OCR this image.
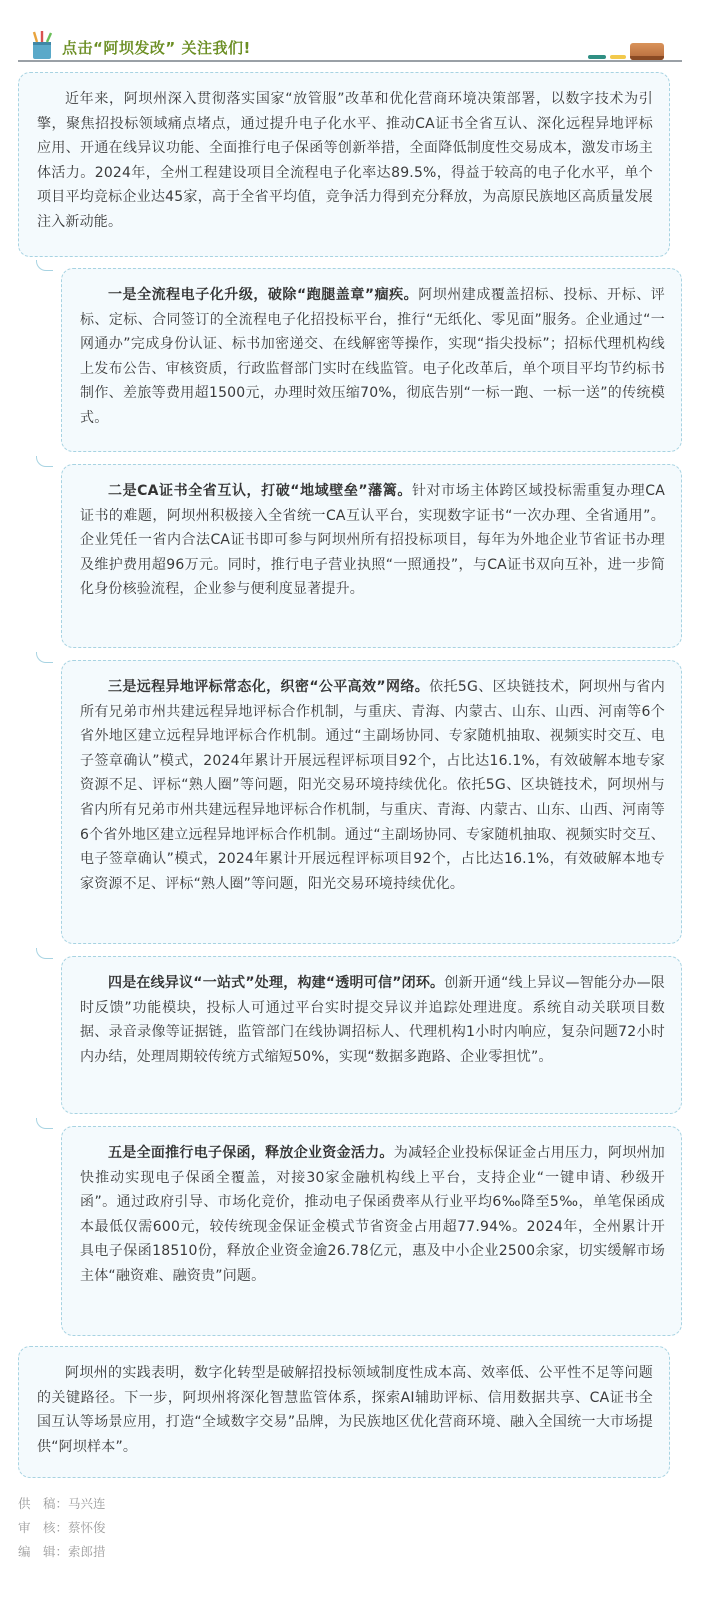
点击“阿坝发改” 关注我们!

近年来，阿坝州深入贯彻落实国家“放管服”改革和优化营商环境决策部署，以数字技术为引擎，聚焦招投标领域痛点堵点，通过提升电子化水平、推动CA证书全省互认、深化远程异地评标应用、开通在线异议功能、全面推行电子保函等创新举措，全面降低制度性交易成本，激发市场主体活力。2024年，全州工程建设项目全流程电子化率达89.5%，得益于较高的电子化水平，单个项目平均竞标企业达45家，高于全省平均值，竞争活力得到充分释放，为高原民族地区高质量发展注入新动能。

一是全流程电子化升级，破除“跑腿盖章”痼疾。阿坝州建成覆盖招标、投标、开标、评标、定标、合同签订的全流程电子化招投标平台，推行“无纸化、零见面”服务。企业通过“一网通办”完成身份认证、标书加密递交、在线解密等操作，实现“指尖投标”；招标代理机构线上发布公告、审核资质，行政监督部门实时在线监管。电子化改革后，单个项目平均节约标书制作、差旅等费用超1500元，办理时效压缩70%，彻底告别“一标一跑、一标一送”的传统模式。

二是CA证书全省互认，打破“地域壁垒”藩篱。针对市场主体跨区域投标需重复办理CA证书的难题，阿坝州积极接入全省统一CA互认平台，实现数字证书“一次办理、全省通用”。企业凭任一省内合法CA证书即可参与阿坝州所有招投标项目，每年为外地企业节省证书办理及维护费用超96万元。同时，推行电子营业执照“一照通投”，与CA证书双向互补，进一步简化身份核验流程，企业参与便利度显著提升。

三是远程异地评标常态化，织密“公平高效”网络。依托5G、区块链技术，阿坝州与省内所有兄弟市州共建远程异地评标合作机制，与重庆、青海、内蒙古、山东、山西、河南等6个省外地区建立远程异地评标合作机制。通过“主副场协同、专家随机抽取、视频实时交互、电子签章确认”模式，2024年累计开展远程评标项目92个，占比达16.1%，有效破解本地专家资源不足、评标“熟人圈”等问题，阳光交易环境持续优化。依托5G、区块链技术，阿坝州与省内所有兄弟市州共建远程异地评标合作机制，与重庆、青海、内蒙古、山东、山西、河南等6个省外地区建立远程异地评标合作机制。通过“主副场协同、专家随机抽取、视频实时交互、电子签章确认”模式，2024年累计开展远程评标项目92个，占比达16.1%，有效破解本地专家资源不足、评标“熟人圈”等问题，阳光交易环境持续优化。

四是在线异议“一站式”处理，构建“透明可信”闭环。创新开通“线上异议—智能分办—限时反馈”功能模块，投标人可通过平台实时提交异议并追踪处理进度。系统自动关联项目数据、录音录像等证据链，监管部门在线协调招标人、代理机构1小时内响应，复杂问题72小时内办结，处理周期较传统方式缩短50%，实现“数据多跑路、企业零担忧”。

五是全面推行电子保函，释放企业资金活力。为减轻企业投标保证金占用压力，阿坝州加快推动实现电子保函全覆盖，对接30家金融机构线上平台，支持企业“一键申请、秒级开函”。通过政府引导、市场化竞价，推动电子保函费率从行业平均6‰降至5‰，单笔保函成本最低仅需600元，较传统现金保证金模式节省资金占用超77.94%。2024年，全州累计开具电子保函18510份，释放企业资金逾26.78亿元，惠及中小企业2500余家，切实缓解市场主体“融资难、融资贵”问题。

阿坝州的实践表明，数字化转型是破解招投标领域制度性成本高、效率低、公平性不足等问题的关键路径。下一步，阿坝州将深化智慧监管体系，探索AI辅助评标、信用数据共享、CA证书全国互认等场景应用，打造“全域数字交易”品牌，为民族地区优化营商环境、融入全国统一大市场提供“阿坝样本”。

供　稿：马兴连
审　核：蔡怀俊
编　辑：索郎措
